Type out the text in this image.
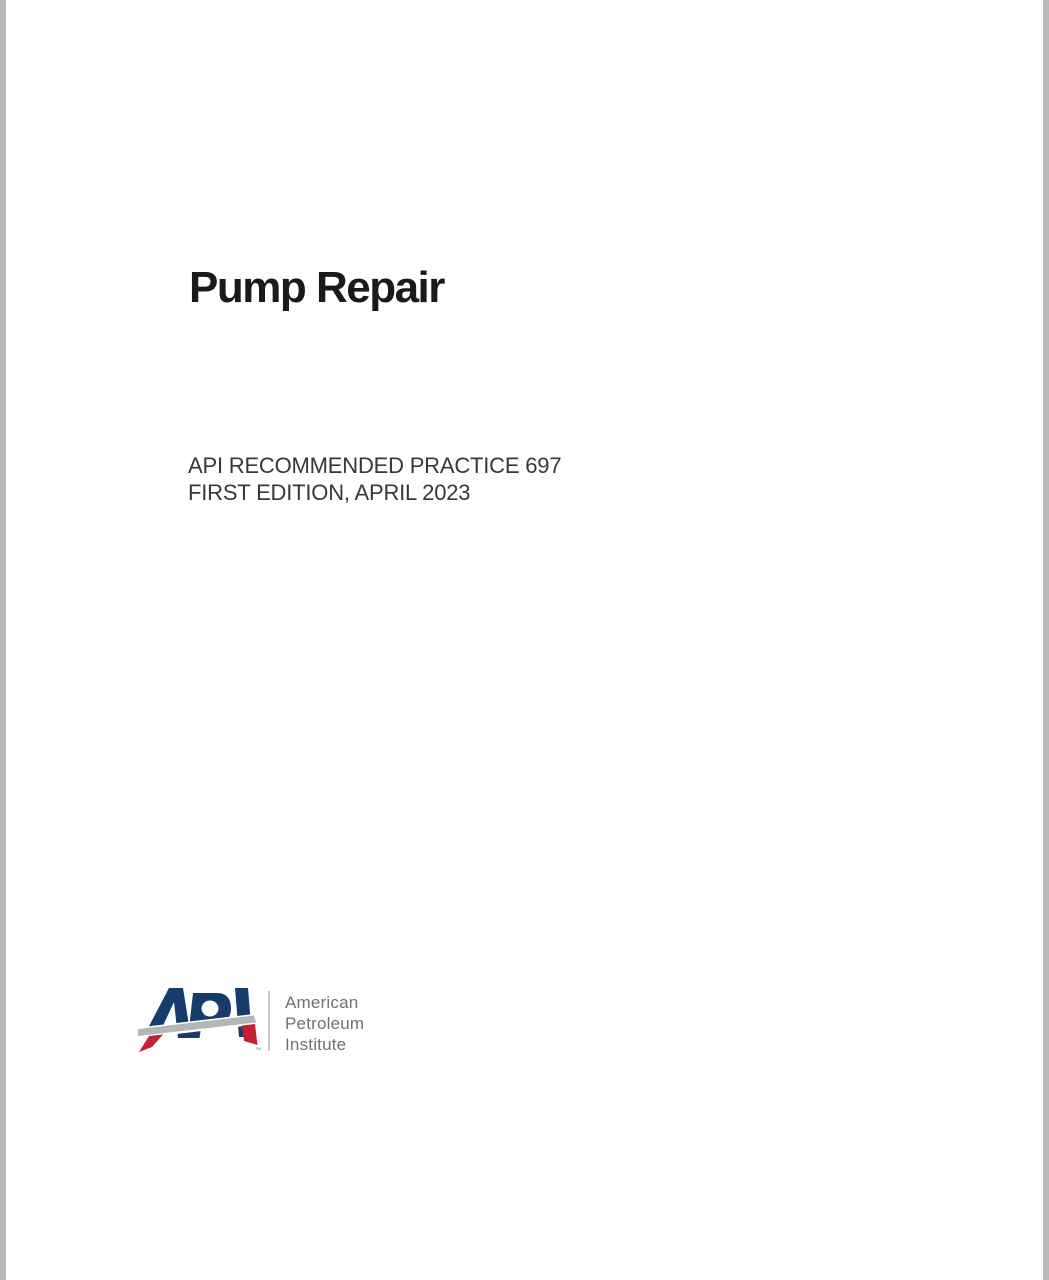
Pump Repair
API RECOMMENDED PRACTICE 697
FIRST EDITION, APRIL 2023
™
American
Petroleum
Institute
